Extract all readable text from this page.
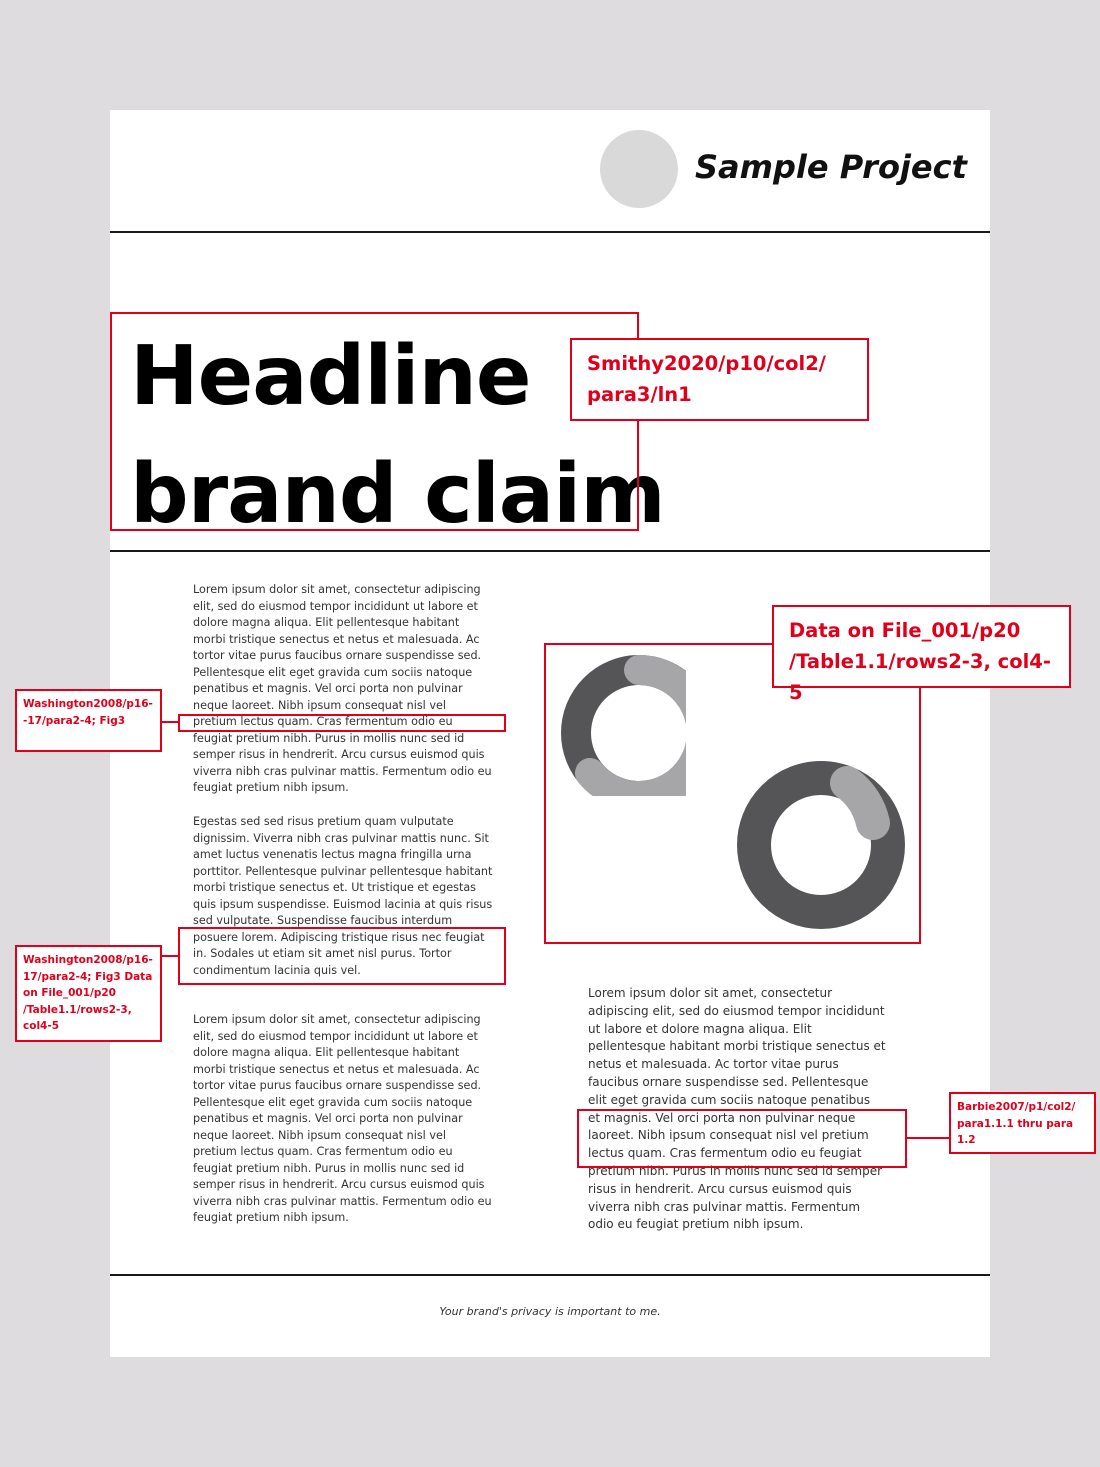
Sample Project
Headline
brand claim
Lorem ipsum dolor sit amet, consectetur adipiscing elit, sed do eiusmod tempor incididunt ut labore et dolore magna aliqua. Elit pellentesque habitant morbi tristique senectus et netus et malesuada. Ac tortor vitae purus faucibus ornare suspendisse sed. Pellentesque elit eget gravida cum sociis natoque penatibus et magnis. Vel orci porta non pulvinar neque laoreet. Nibh ipsum consequat nisl vel pretium lectus quam. Cras fermentum odio eu feugiat pretium nibh. Purus in mollis nunc sed id semper risus in hendrerit. Arcu cursus euismod quis viverra nibh cras pulvinar mattis. Fermentum odio eu feugiat pretium nibh ipsum.
Egestas sed sed risus pretium quam vulputate dignissim. Viverra nibh cras pulvinar mattis nunc. Sit amet luctus venenatis lectus magna fringilla urna porttitor. Pellentesque pulvinar pellentesque habitant morbi tristique senectus et. Ut tristique et egestas quis ipsum suspendisse. Euismod lacinia at quis risus sed vulputate. Suspendisse faucibus interdum posuere lorem. Adipiscing tristique risus nec feugiat in. Sodales ut etiam sit amet nisl purus. Tortor condimentum lacinia quis vel.
Lorem ipsum dolor sit amet, consectetur adipiscing elit, sed do eiusmod tempor incididunt ut labore et dolore magna aliqua. Elit pellentesque habitant morbi tristique senectus et netus et malesuada. Ac tortor vitae purus faucibus ornare suspendisse sed. Pellentesque elit eget gravida cum sociis natoque penatibus et magnis. Vel orci porta non pulvinar neque laoreet. Nibh ipsum consequat nisl vel pretium lectus quam. Cras fermentum odio eu feugiat pretium nibh. Purus in mollis nunc sed id semper risus in hendrerit. Arcu cursus euismod quis viverra nibh cras pulvinar mattis. Fermentum odio eu feugiat pretium nibh ipsum.
Lorem ipsum dolor sit amet, consectetur adipiscing elit, sed do eiusmod tempor incididunt ut labore et dolore magna aliqua. Elit pellentesque habitant morbi tristique senectus et netus et malesuada. Ac tortor vitae purus faucibus ornare suspendisse sed. Pellentesque elit eget gravida cum sociis natoque penatibus et magnis. Vel orci porta non pulvinar neque laoreet. Nibh ipsum consequat nisl vel pretium lectus quam. Cras fermentum odio eu feugiat pretium nibh. Purus in mollis nunc sed id semper risus in hendrerit. Arcu cursus euismod quis viverra nibh cras pulvinar mattis. Fermentum odio eu feugiat pretium nibh ipsum.
Your brand's privacy is important to me.
Smithy2020/p10/col2/ para3/ln1
Data on File_001/p20 /Table1.1/rows2-3, col4-5
Washington2008/p16- -17/para2-4; Fig3
Washington2008/p16- 17/para2-4; Fig3 Data on File_001/p20 /Table1.1/rows2-3, col4-5
Barbie2007/p1/col2/ para1.1.1 thru para 1.2
